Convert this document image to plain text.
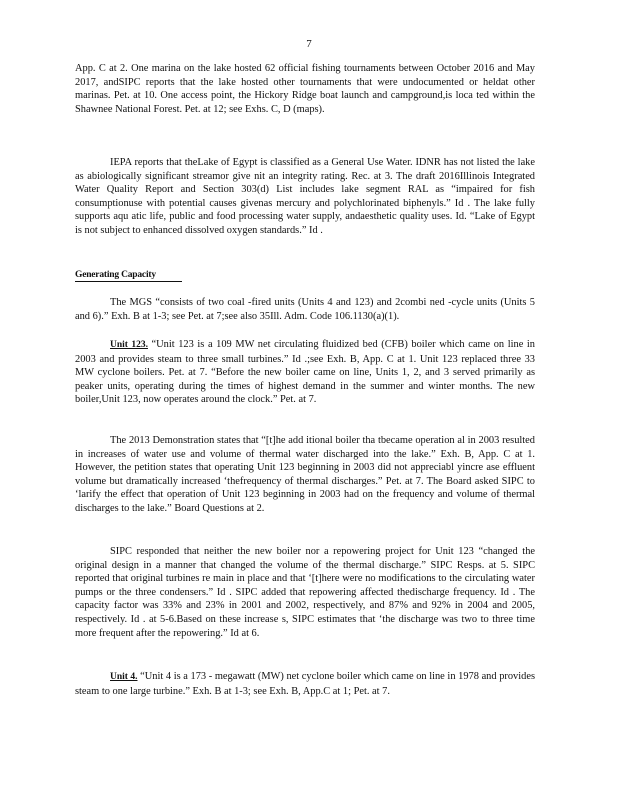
7

App. C at 2. One marina on the lake hosted 62 official fishing tournaments between October 2016 and May 2017, andSIPC reports that the lake hosted other tournaments that were undocumented or heldat other marinas. Pet. at 10. One access point, the Hickory Ridge boat launch and campground,is loca ted within the Shawnee National Forest. Pet. at 12; see Exhs. C, D (maps).

IEPA reports that theLake of Egypt is classified as a General Use Water. IDNR has not listed the lake as abiologically significant streamor give nit an integrity rating. Rec. at 3. The draft 2016Illinois Integrated Water Quality Report and Section 303(d) List includes lake segment RAL as “impaired for fish consumptionuse with potential causes givenas mercury and polychlorinated biphenyls.” Id . The lake fully supports aqu atic life, public and food processing water supply, andaesthetic quality uses. Id. “Lake of Egypt is not subject to enhanced dissolved oxygen standards.” Id .

Generating Capacity

The MGS “consists of two coal -fired units (Units 4 and 123) and 2combi ned -cycle units (Units 5 and 6).” Exh. B at 1-3; see Pet. at 7;see also 35Ill. Adm. Code 106.1130(a)(1).

Unit 123. “Unit 123 is a 109 MW net circulating fluidized bed (CFB) boiler which came on line in 2003 and provides steam to three small turbines.” Id .;see Exh. B, App. C at 1. Unit 123 replaced three 33 MW cyclone boilers. Pet. at 7. “Before the new boiler came on line, Units 1, 2, and 3 served primarily as peaker units, operating during the times of highest demand in the summer and winter months. The new boiler,Unit 123, now operates around the clock.” Pet. at 7.

The 2013 Demonstration states that “[t]he add itional boiler tha tbecame operation al in 2003 resulted in increases of water use and volume of thermal water discharged into the lake.” Exh. B, App. C at 1. However, the petition states that operating Unit 123 beginning in 2003 did not appreciabl yincre ase effluent volume but dramatically increased ‘thefrequency of thermal discharges.” Pet. at 7. The Board asked SIPC to ‘larify the effect that operation of Unit 123 beginning in 2003 had on the frequency and volume of thermal discharges to the lake.” Board Questions at 2.

SIPC responded that neither the new boiler nor a repowering project for Unit 123 “changed the original design in a manner that changed the volume of the thermal discharge.” SIPC Resps. at 5. SIPC reported that original turbines re main in place and that ‘[t]here were no modifications to the circulating water pumps or the three condensers.” Id . SIPC added that repowering affected thedischarge frequency. Id . The capacity factor was 33% and 23% in 2001 and 2002, respectively, and 87% and 92% in 2004 and 2005, respectively. Id . at 5-6.Based on these increase s, SIPC estimates that ‘the discharge was two to three time more frequent after the repowering.” Id at 6.

Unit 4. “Unit 4 is a 173 - megawatt (MW) net cyclone boiler which came on line in 1978 and provides steam to one large turbine.” Exh. B at 1-3; see Exh. B, App.C at 1; Pet. at 7.
